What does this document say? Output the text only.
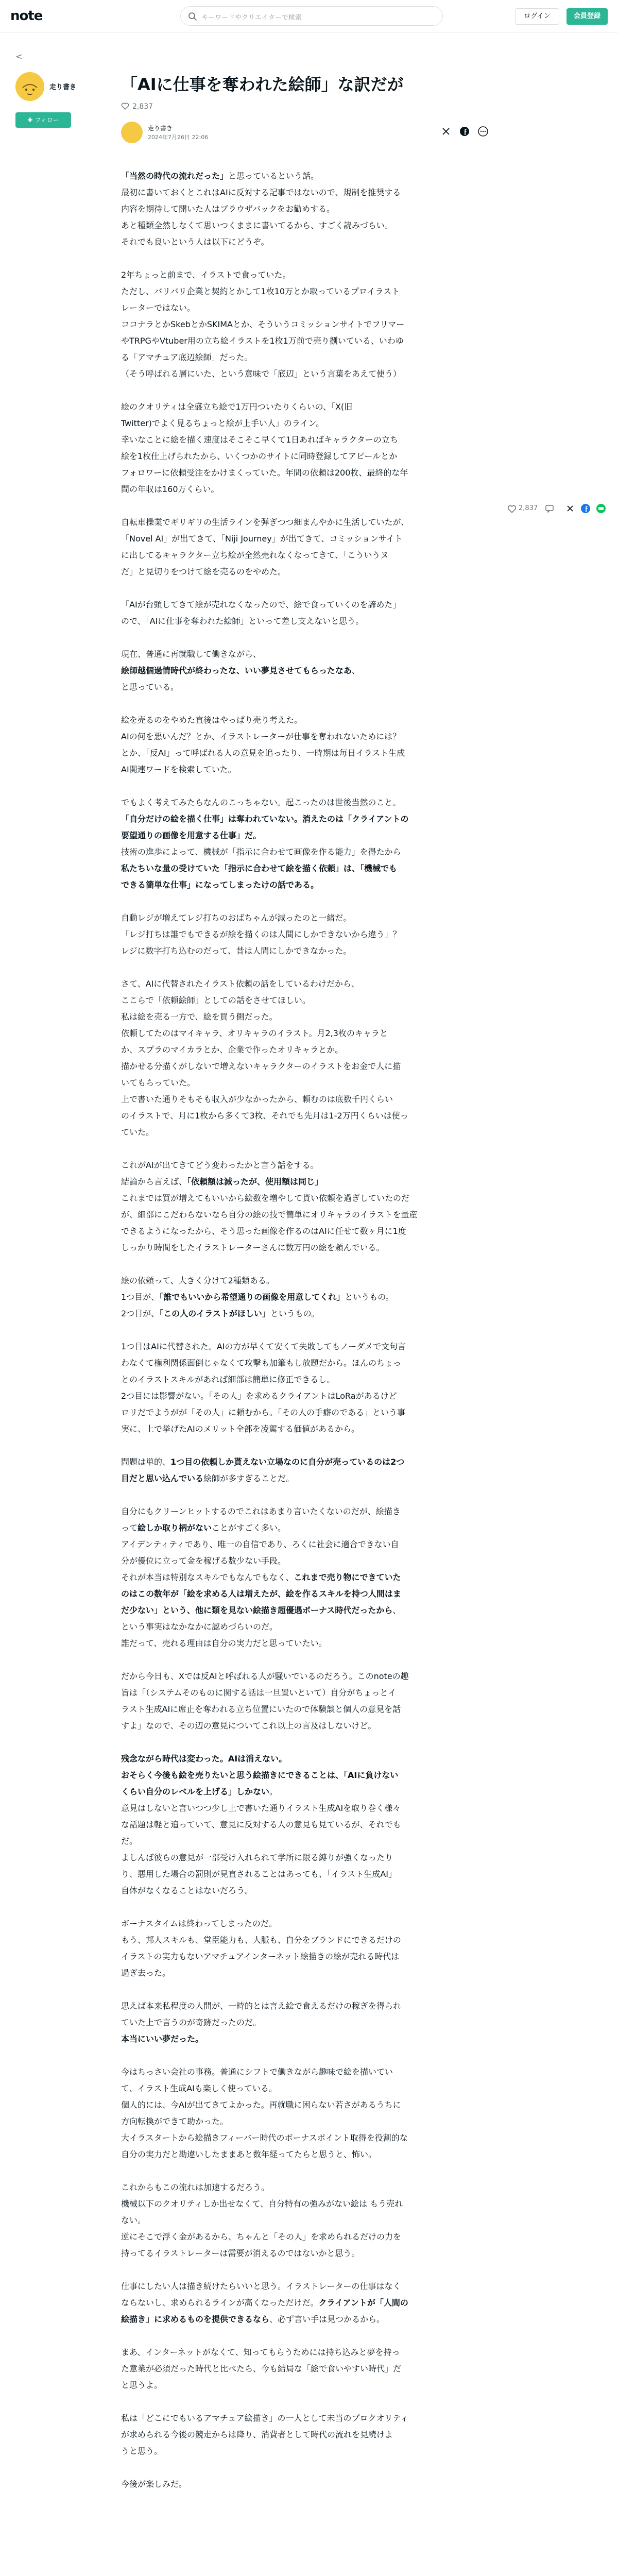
note	キーワードやクリエイターで検索	ログイン	会員登録
<
走り書き
✚ フォロー
「AIに仕事を奪われた絵師」な訳だが
2,837
走り書き
2024年7月26日 22:06

「当然の時代の流れだった」と思っているという話。
最初に書いておくとこれはAIに反対する記事ではないので、規制を推奨する
内容を期待して開いた人はブラウザバックをお勧めする。
あと種類全然しなくて思いつくままに書いてるから、すごく読みづらい。
それでも良いという人は以下にどうぞ。

2年ちょっと前まで、イラストで食っていた。
ただし、バリバリ企業と契約とかして1枚10万とか取っているプロイラスト
レーターではない。
ココナラとかSkebとかSKIMAとか、そういうコミッションサイトでフリマー
やTRPGやVtuber用の立ち絵イラストを1枚1万前で売り捌いている、いわゆ
る「アマチュア底辺絵師」だった。
（そう呼ばれる層にいた、という意味で「底辺」という言葉をあえて使う）

絵のクオリティは全盛立ち絵で1万円ついたりくらいの、「X(旧
Twitter)でよく見るちょっと絵が上手い人」のライン。
幸いなことに絵を描く速度はそこそこ早くて1日あればキャラクターの立ち
絵を1枚仕上げられたから、いくつかのサイトに同時登録してアピールとか
フォロワーに依頼受注をかけまくっていた。年間の依頼は200枚、最終的な年
間の年収は160万くらい。

自転車操業でギリギリの生活ラインを弾ぎつつ細まんやかに生活していたが、
「Novel AI」が出てきて、「Niji Journey」が出てきて、コミッションサイト
に出してるキャラクター立ち絵が全然売れなくなってきて、「こういうヌ
だ」と見切りをつけて絵を売るのをやめた。

「AIが台頭してきて絵が売れなくなったので、絵で食っていくのを諦めた」
ので、「AIに仕事を奪われた絵師」といって差し支えないと思う。

現在、普通に再就職して働きながら、
絵師越個過情時代が終わったな、いい夢見させてもらったなあ、
と思っている。

絵を売るのをやめた直後はやっぱり売り考えた。
AIの何を悪いんだ？とか、イラストレーターが仕事を奪われないためには？
とか、「反AI」って呼ばれる人の意見を追ったり、一時期は毎日イラスト生成
AI関連ワードを検索していた。

でもよく考えてみたらなんのこっちゃない。起こったのは世後当然のこと。
「自分だけの絵を描く仕事」は奪われていない。消えたのは「クライアントの
要望通りの画像を用意する仕事」だ。
技術の進歩によって、機械が「指示に合わせて画像を作る能力」を得たから
私たちいな量の受けていた「指示に合わせて絵を描く依頼」は、「機械でも
できる簡単な仕事」になってしまったけの話である。

自動レジが増えてレジ打ちのおばちゃんが減ったのと一緒だ。
「レジ打ちは誰でもできるが絵を描くのは人間にしかできないから違う」？
レジに数字打ち込むのだって、昔は人間にしかできなかった。

さて、AIに代替されたイラスト依頼の話をしているわけだから、
ここらで「依頼絵師」としての話をさせてほしい。
私は絵を売る一方で、絵を買う側だった。
依頼してたのはマイキャラ、オリキャラのイラスト。月2,3枚のキャラと
か、スプラのマイカラとか、企業で作ったオリキャラとか。
描かせる分描くがしないで増えないキャラクターのイラストをお金で人に描
いてもらっていた。
上で書いた通りそもそも収入が少なかったから、頼むのは底数千円くらい
のイラストで、月に1枚から多くて3枚、それでも先月は1-2万円くらいは使っ
ていた。

これがAIが出てきてどう変わったかと言う話をする。
結論から言えば、「依頼額は減ったが、使用額は同じ」
これまでは買が増えてもいいから絵数を増やして貰い依頼を過ぎしていたのだ
が、細部にこだわらないなら自分の絵の技で簡単にオリキャラのイラストを量産
できるようになったから、そう思った画像を作るのはAIに任せて数ヶ月に1度
しっかり時間をしたイラストレーターさんに数万円の絵を頼んでいる。

絵の依頼って、大きく分けて2種類ある。
1つ目が、「誰でもいいから希望通りの画像を用意してくれ」というもの。
2つ目が、「この人のイラストがほしい」というもの。

1つ目はAIに代替された。AIの方が早くて安くて失敗してもノーダメで文句言
わなくて権利関係面倒じゃなくて攻撃も加筆もし放題だから。ほんのちょっ
とのイラストスキルがあれば細部は簡単に修正できるし。
2つ目には影響がない。「その人」を求めるクライアントはLoRaがあるけど
ロリだでようがが「その人」に頼むから。「その人の手癖のである」という事
実に、上で挙げたAIのメリット全部を凌駕する価値があるから。

問題は単的、1つ目の依頼しか貰えない立場なのに自分が売っているのは2つ
目だと思い込んでいる絵師が多すぎることだ。

自分にもクリーンヒットするのでこれはあまり言いたくないのだが、絵描き
って絵しか取り柄がないことがすごく多い。
アイデンティティであり、唯一の自信であり、ろくに社会に適合できない自
分が優位に立って金を稼げる数少ない手段。
それが本当は特別なスキルでもなんでもなく、これまで売り物にできていた
のはこの数年が「絵を求める人は増えたが、絵を作るスキルを持つ人間はま
だ少ない」という、他に類を見ない絵描き超優遇ボーナス時代だったから、
という事実はなかなかに認めづらいのだ。
誰だって、売れる理由は自分の実力だと思っていたい。

だから今日も、Xでは反AIと呼ばれる人が騒いでいるのだろう。このnoteの趣
旨は「（システムそのものに関する話は一旦置いといて）自分がちょっとイ
ラスト生成AIに席止を奪われる立ち位置にいたので体験談と個人の意見を話
すよ」なので、その辺の意見についてこれ以上の言及はしないけど。

残念ながら時代は変わった。AIは消えない。
おそらく今後も絵を売りたいと思う絵描きにできることは、「AIに負けない
くらい自分のレベルを上げる」しかない。
意見はしないと言いつつ少し上で書いた通りイラスト生成AIを取り巻く様々
な話題は軽と追っていて、意見に反対する人の意見も見ているが、それでも
だ。
よしんば彼らの意見が一部受け入れられて学所に限る縛りが強くなったり
り、悪用した場合の罰則が見直されることはあっても、「イラスト生成AI」
自体がなくなることはないだろう。

ボーナスタイムは終わってしまったのだ。
もう、邦人スキルも、堂臣能力も、人脈も、自分をブランドにできるだけの
イラストの実力もないアマチュアインターネット絵描きの絵が売れる時代は
過ぎ去った。

思えば本来私程度の人間が、一時的とは言え絵で食えるだけの稼ぎを得られ
ていた上で言うのが奇跡だったのだ。
本当にいい夢だった。

今はちっさい会社の事務。普通にシフトで働きながら趣味で絵を描いてい
て、イラスト生成AIも楽しく使っている。
個人的には、今AIが出てきてよかった。再就職に困らない若さがあるうちに
方向転換ができて助かった。
大イラスタートから絵描きフィーバー時代のボーナスポイント取得を役割的な
自分の実力だと勘違いしたままあと数年経ってたらと思うと、怖い。

これからもこの流れは加速するだろう。
機械以下のクオリティしか出せなくて、自分特有の強みがない絵は もう売れ
ない。
逆にそこで浮く金があるから、ちゃんと「その人」を求められるだけの力を
持ってるイラストレーターは需要が消えるのではないかと思う。

仕事にしたい人は描き続けたらいいと思う。イラストレーターの仕事はなく
ならないし、求められるラインが高くなっただけだ。クライアントが「人間の
絵描き」に求めるものを提供できるなら、必ず言い手は見つかるから。

まあ、インターネットがなくて、知ってもらうためには持ち込みと夢を持っ
た意業が必須だった時代と比べたら、今も結局な「絵で食いやすい時代」だ
と思うよ。

私は「どこにでもいるアマチュア絵描き」の一人として未当のプロクオリティ
が求められる今後の競走からは降り、消費者として時代の流れを見続けよ
うと思う。

今後が楽しみだ。

2,837
